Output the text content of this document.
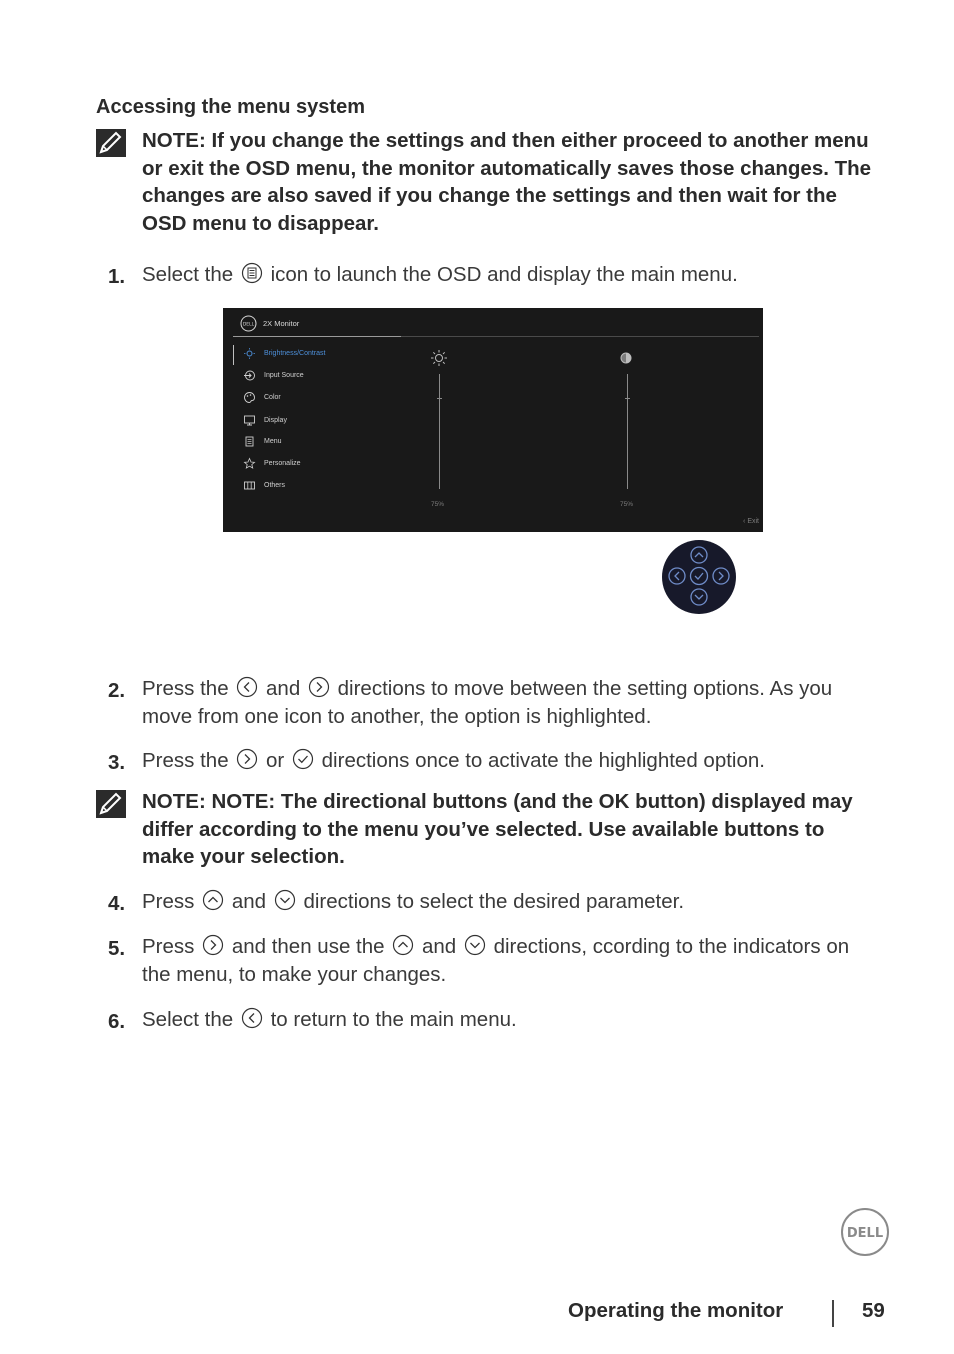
Accessing the menu system
NOTE: If you change the settings and then either proceed to another menu or exit the OSD menu, the monitor automatically saves those changes. The changes are also saved if you change the settings and then wait for the OSD menu to disappear.
1. Select the icon to launch the OSD and display the main menu.
DELL 2X Monitor
Brightness/Contrast
Input Source
Color
Display
Menu
Personalize
Others
75%	75%
‹ Exit
2. Press the and directions to move between the setting options. As you move from one icon to another, the option is highlighted.
3. Press the or directions once to activate the highlighted option.
NOTE: NOTE: The directional buttons (and the OK button) displayed may differ according to the menu you’ve selected. Use available buttons to make your selection.
4. Press and directions to select the desired parameter.
5. Press and then use the and directions, ccording to the indicators on the menu, to make your changes.
6. Select the to return to the main menu.
DELL
Operating the monitor	59
